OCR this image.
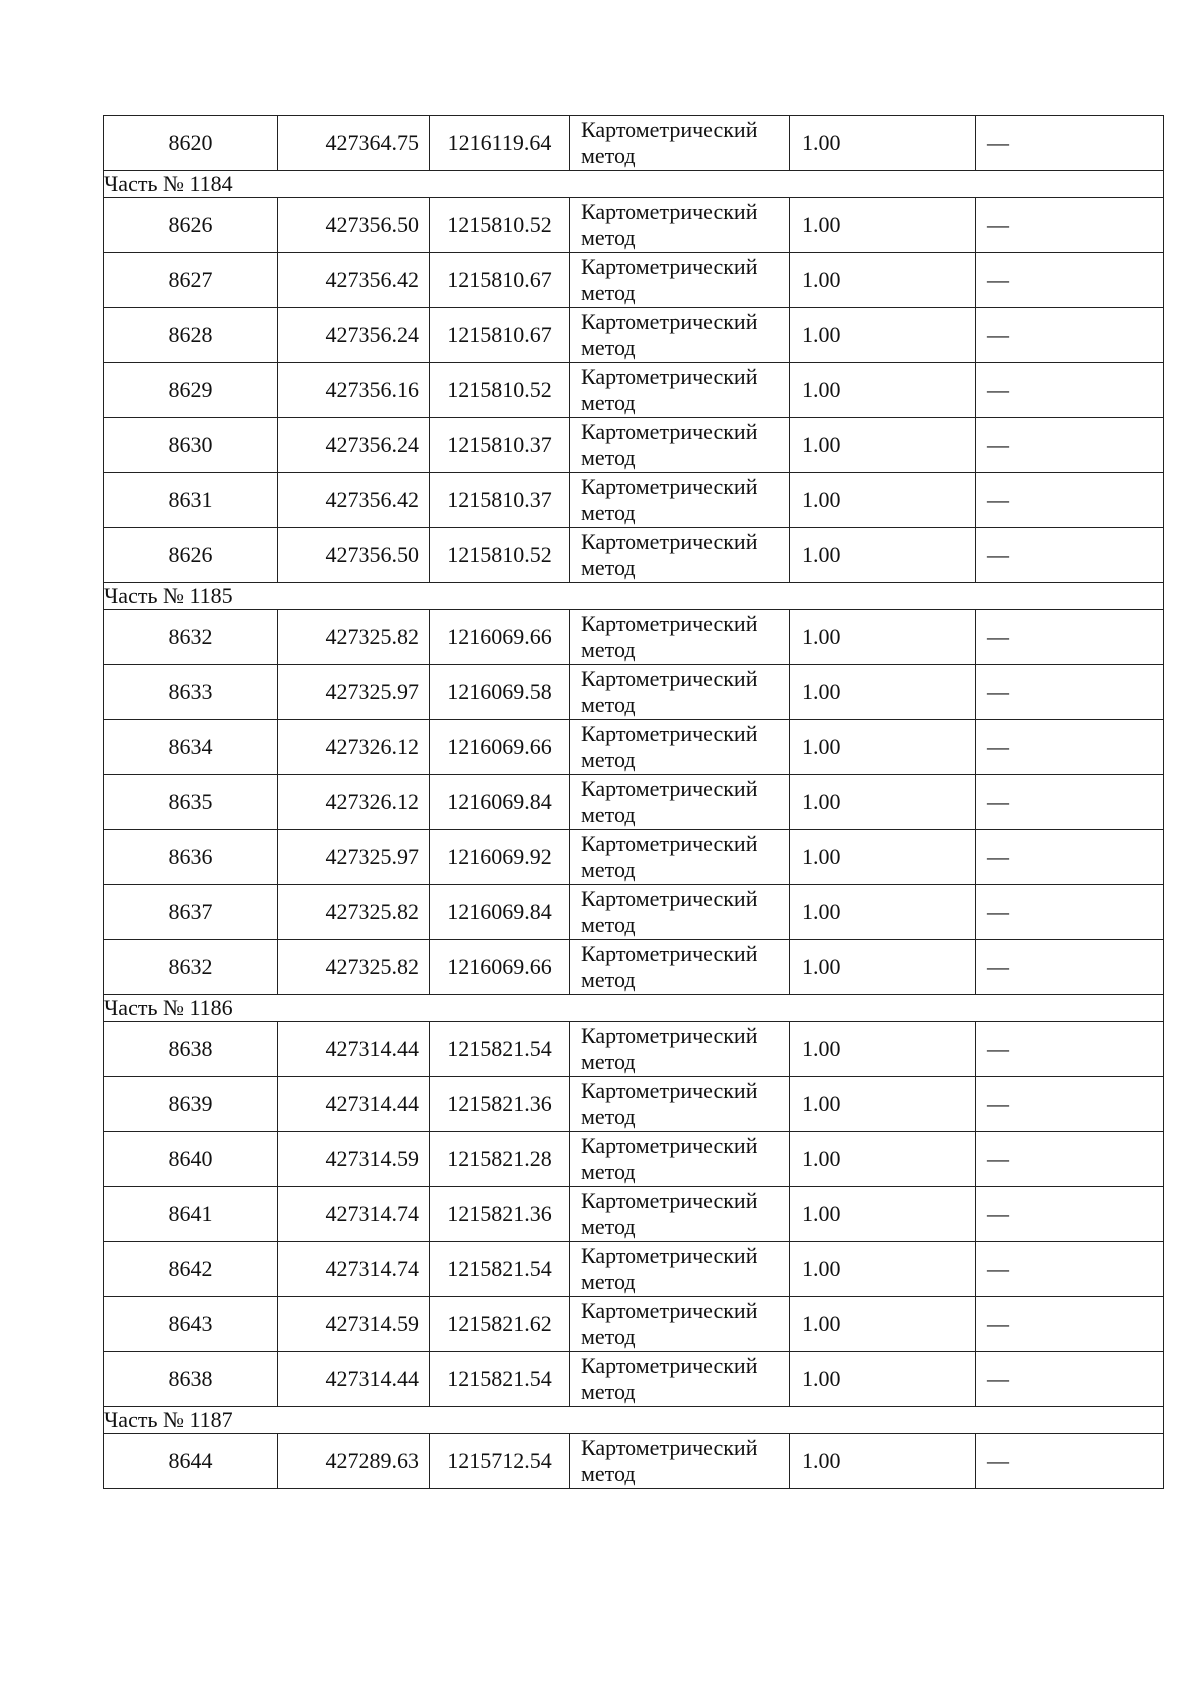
8620	427364.75	1216119.64	Картометрический
метод	1.00	—
Часть № 1184					
8626	427356.50	1215810.52	Картометрический
метод	1.00	—
8627	427356.42	1215810.67	Картометрический
метод	1.00	—
8628	427356.24	1215810.67	Картометрический
метод	1.00	—
8629	427356.16	1215810.52	Картометрический
метод	1.00	—
8630	427356.24	1215810.37	Картометрический
метод	1.00	—
8631	427356.42	1215810.37	Картометрический
метод	1.00	—
8626	427356.50	1215810.52	Картометрический
метод	1.00	—
Часть № 1185					
8632	427325.82	1216069.66	Картометрический
метод	1.00	—
8633	427325.97	1216069.58	Картометрический
метод	1.00	—
8634	427326.12	1216069.66	Картометрический
метод	1.00	—
8635	427326.12	1216069.84	Картометрический
метод	1.00	—
8636	427325.97	1216069.92	Картометрический
метод	1.00	—
8637	427325.82	1216069.84	Картометрический
метод	1.00	—
8632	427325.82	1216069.66	Картометрический
метод	1.00	—
Часть № 1186					
8638	427314.44	1215821.54	Картометрический
метод	1.00	—
8639	427314.44	1215821.36	Картометрический
метод	1.00	—
8640	427314.59	1215821.28	Картометрический
метод	1.00	—
8641	427314.74	1215821.36	Картометрический
метод	1.00	—
8642	427314.74	1215821.54	Картометрический
метод	1.00	—
8643	427314.59	1215821.62	Картометрический
метод	1.00	—
8638	427314.44	1215821.54	Картометрический
метод	1.00	—
Часть № 1187					
8644	427289.63	1215712.54	Картометрический
метод	1.00	—
